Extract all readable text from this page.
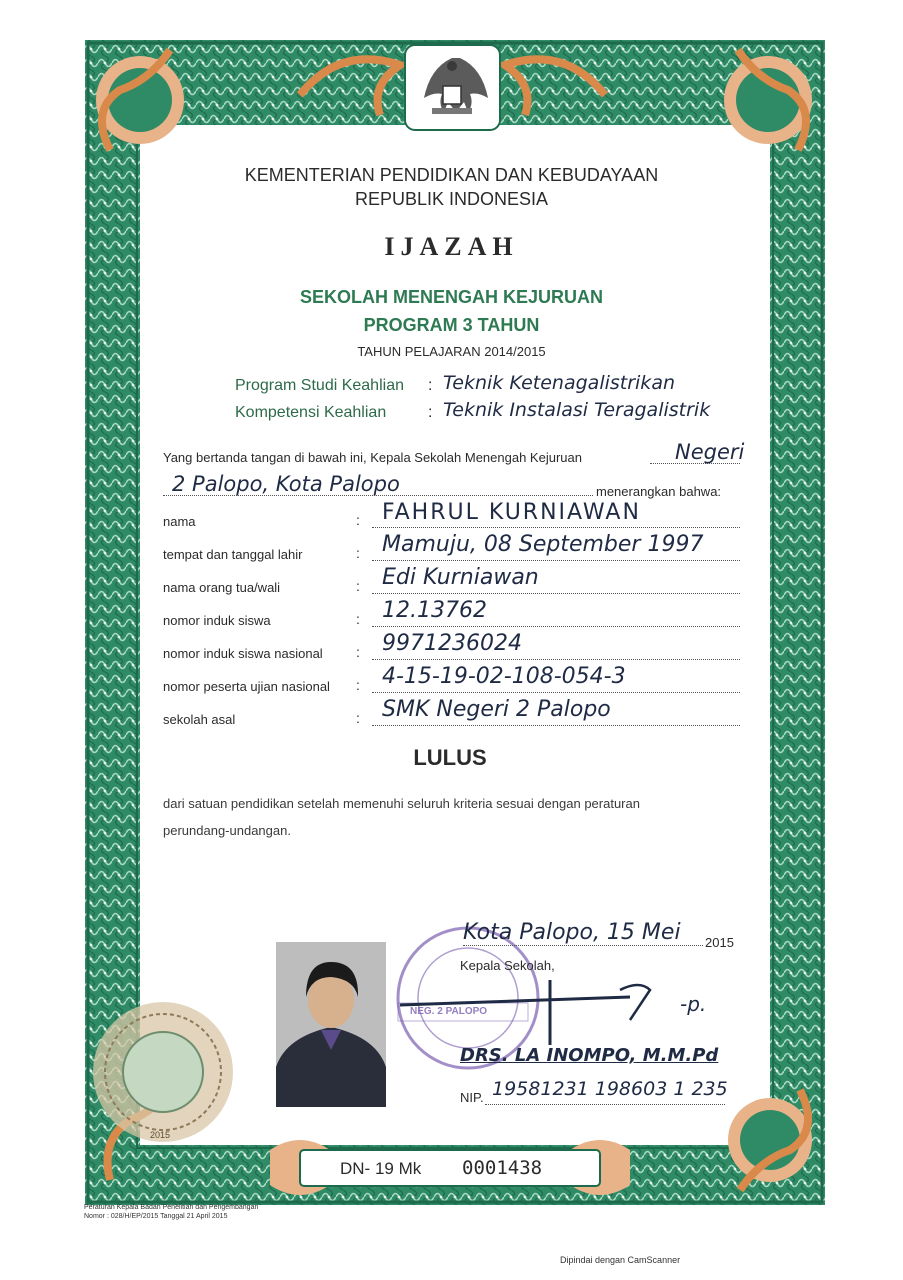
KEMENTERIAN PENDIDIKAN DAN KEBUDAYAAN
REPUBLIK INDONESIA
IJAZAH
SEKOLAH MENENGAH KEJURUAN
PROGRAM 3 TAHUN
TAHUN PELAJARAN 2014/2015
Program Studi Keahlian : Teknik Ketenagalistrikan
Kompetensi Keahlian	: Teknik Instalasi Teragalistrik
Yang bertanda tangan di bawah ini, Kepala Sekolah Menengah Kejuruan	Negeri
2 Palopo, Kota Palopo	menerangkan bahwa:
nama	: FAHRUL KURNIAWAN
tempat dan tanggal lahir	: Mamuju, 08 September 1997
nama orang tua/wali	: Edi Kurniawan
nomor induk siswa	: 12.13762
nomor induk siswa nasional : 9971236024
nomor peserta ujian nasional : 4-15-19-02-108-054-3
sekolah asal	: SMK Negeri 2 Palopo
LULUS
dari satuan pendidikan setelah memenuhi seluruh kriteria sesuai dengan peraturan
perundang-undangan.
NEG. 2 PALOPO
Kota Palopo, 15 Mei 2015
Kepala Sekolah,
-p.
DRS. LA INOMPO, M.M.Pd
NIP. 19581231 198603 1 235
2015
DN- 19 Mk 0001438
Peraturan Kepala Badan Penelitian dan Pengembangan
Nomor : 028/H/EP/2015 Tanggal 21 April 2015
Dipindai dengan CamScanner
